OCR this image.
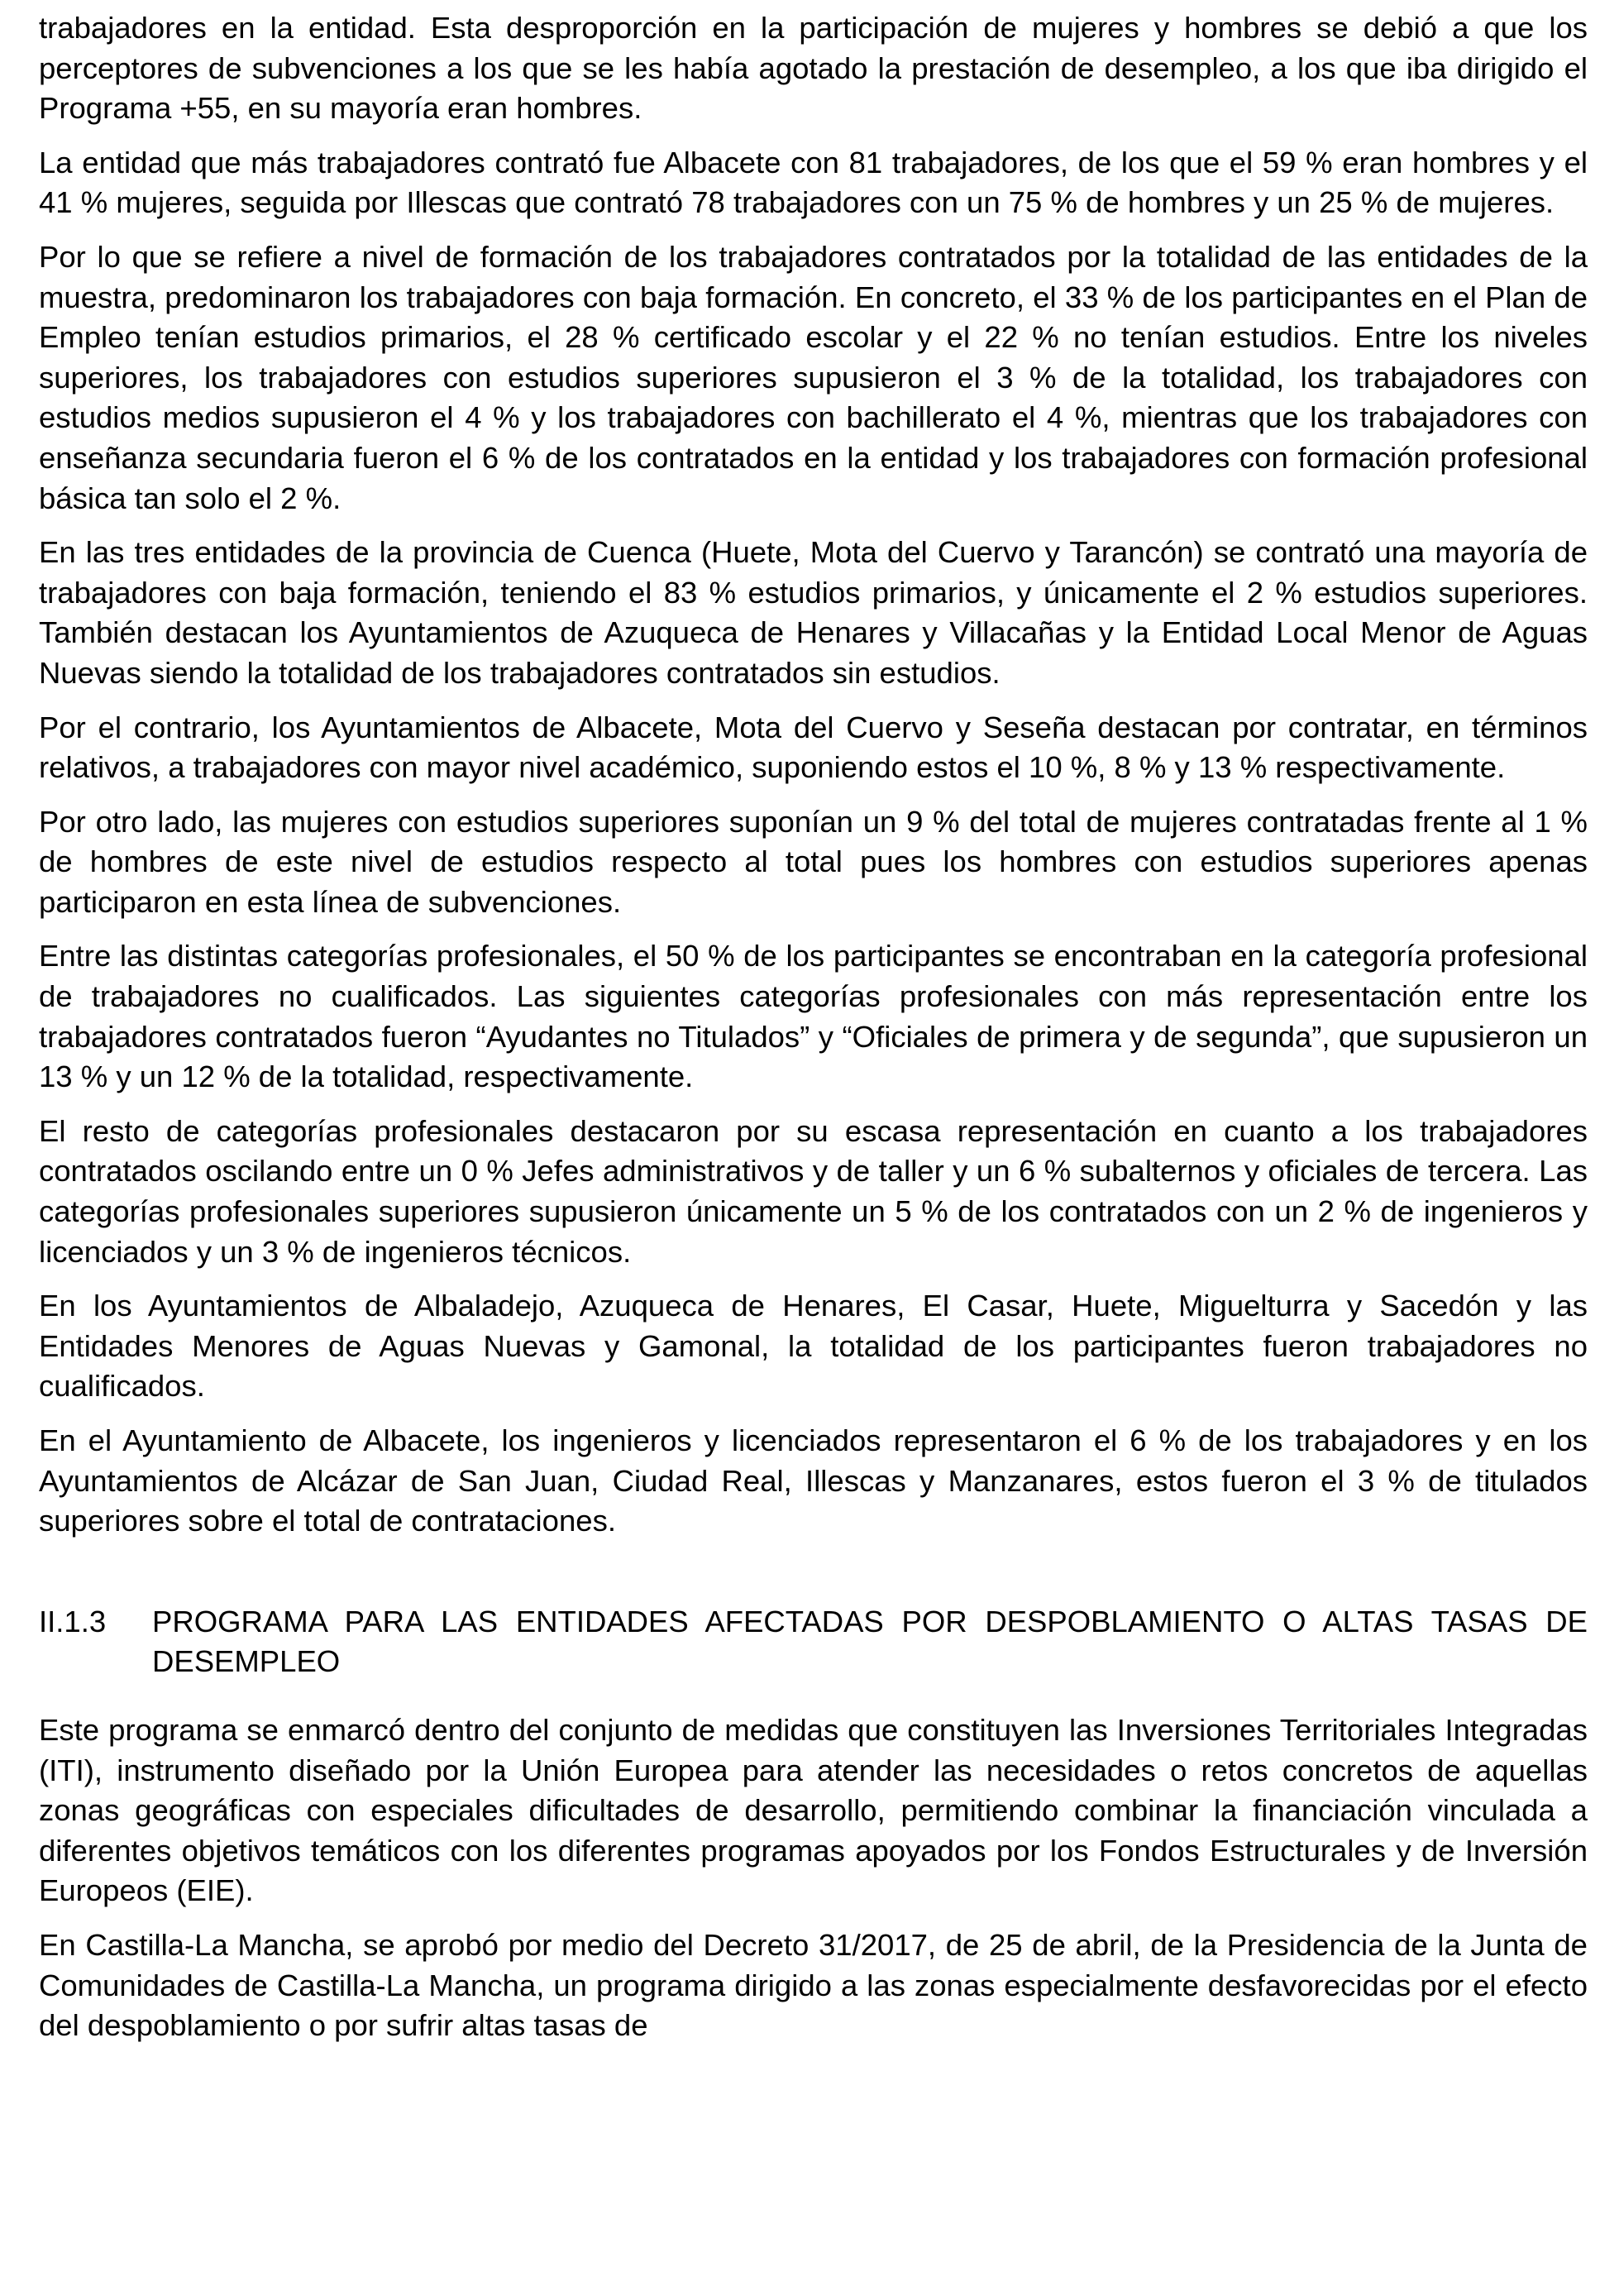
trabajadores en la entidad. Esta desproporción en la participación de mujeres y hombres se debió a que los perceptores de subvenciones a los que se les había agotado la prestación de desempleo, a los que iba dirigido el Programa +55, en su mayoría eran hombres.

La entidad que más trabajadores contrató fue Albacete con 81 trabajadores, de los que el 59 % eran hombres y el 41 % mujeres, seguida por Illescas que contrató 78 trabajadores con un 75 % de hombres y un 25 % de mujeres.

Por lo que se refiere a nivel de formación de los trabajadores contratados por la totalidad de las entidades de la muestra, predominaron los trabajadores con baja formación. En concreto, el 33 % de los participantes en el Plan de Empleo tenían estudios primarios, el 28 % certificado escolar y el 22 % no tenían estudios. Entre los niveles superiores, los trabajadores con estudios superiores supusieron el 3 % de la totalidad, los trabajadores con estudios medios supusieron el 4 % y los trabajadores con bachillerato el 4 %, mientras que los trabajadores con enseñanza secundaria fueron el 6 % de los contratados en la entidad y los trabajadores con formación profesional básica tan solo el 2 %.

En las tres entidades de la provincia de Cuenca (Huete, Mota del Cuervo y Tarancón) se contrató una mayoría de trabajadores con baja formación, teniendo el 83 % estudios primarios, y únicamente el 2 % estudios superiores. También destacan los Ayuntamientos de Azuqueca de Henares y Villacañas y la Entidad Local Menor de Aguas Nuevas siendo la totalidad de los trabajadores contratados sin estudios.

Por el contrario, los Ayuntamientos de Albacete, Mota del Cuervo y Seseña destacan por contratar, en términos relativos, a trabajadores con mayor nivel académico, suponiendo estos el 10 %, 8 % y 13 % respectivamente.

Por otro lado, las mujeres con estudios superiores suponían un 9 % del total de mujeres contratadas frente al 1 % de hombres de este nivel de estudios respecto al total pues los hombres con estudios superiores apenas participaron en esta línea de subvenciones.

Entre las distintas categorías profesionales, el 50 % de los participantes se encontraban en la categoría profesional de trabajadores no cualificados. Las siguientes categorías profesionales con más representación entre los trabajadores contratados fueron “Ayudantes no Titulados” y “Oficiales de primera y de segunda”, que supusieron un 13 % y un 12 % de la totalidad, respectivamente.

El resto de categorías profesionales destacaron por su escasa representación en cuanto a los trabajadores contratados oscilando entre un 0 % Jefes administrativos y de taller y un 6 % subalternos y oficiales de tercera. Las categorías profesionales superiores supusieron únicamente un 5 % de los contratados con un 2 % de ingenieros y licenciados y un 3 % de ingenieros técnicos.

En los Ayuntamientos de Albaladejo, Azuqueca de Henares, El Casar, Huete, Miguelturra y Sacedón y las Entidades Menores de Aguas Nuevas y Gamonal, la totalidad de los participantes fueron trabajadores no cualificados.

En el Ayuntamiento de Albacete, los ingenieros y licenciados representaron el 6 % de los trabajadores y en los Ayuntamientos de Alcázar de San Juan, Ciudad Real, Illescas y Manzanares, estos fueron el 3 % de titulados superiores sobre el total de contrataciones.

II.1.3	PROGRAMA PARA LAS ENTIDADES AFECTADAS POR DESPOBLAMIENTO O ALTAS TASAS DE DESEMPLEO

Este programa se enmarcó dentro del conjunto de medidas que constituyen las Inversiones Territoriales Integradas (ITI), instrumento diseñado por la Unión Europea para atender las necesidades o retos concretos de aquellas zonas geográficas con especiales dificultades de desarrollo, permitiendo combinar la financiación vinculada a diferentes objetivos temáticos con los diferentes programas apoyados por los Fondos Estructurales y de Inversión Europeos (EIE).

En Castilla-La Mancha, se aprobó por medio del Decreto 31/2017, de 25 de abril, de la Presidencia de la Junta de Comunidades de Castilla-La Mancha, un programa dirigido a las zonas especialmente desfavorecidas por el efecto del despoblamiento o por sufrir altas tasas de
